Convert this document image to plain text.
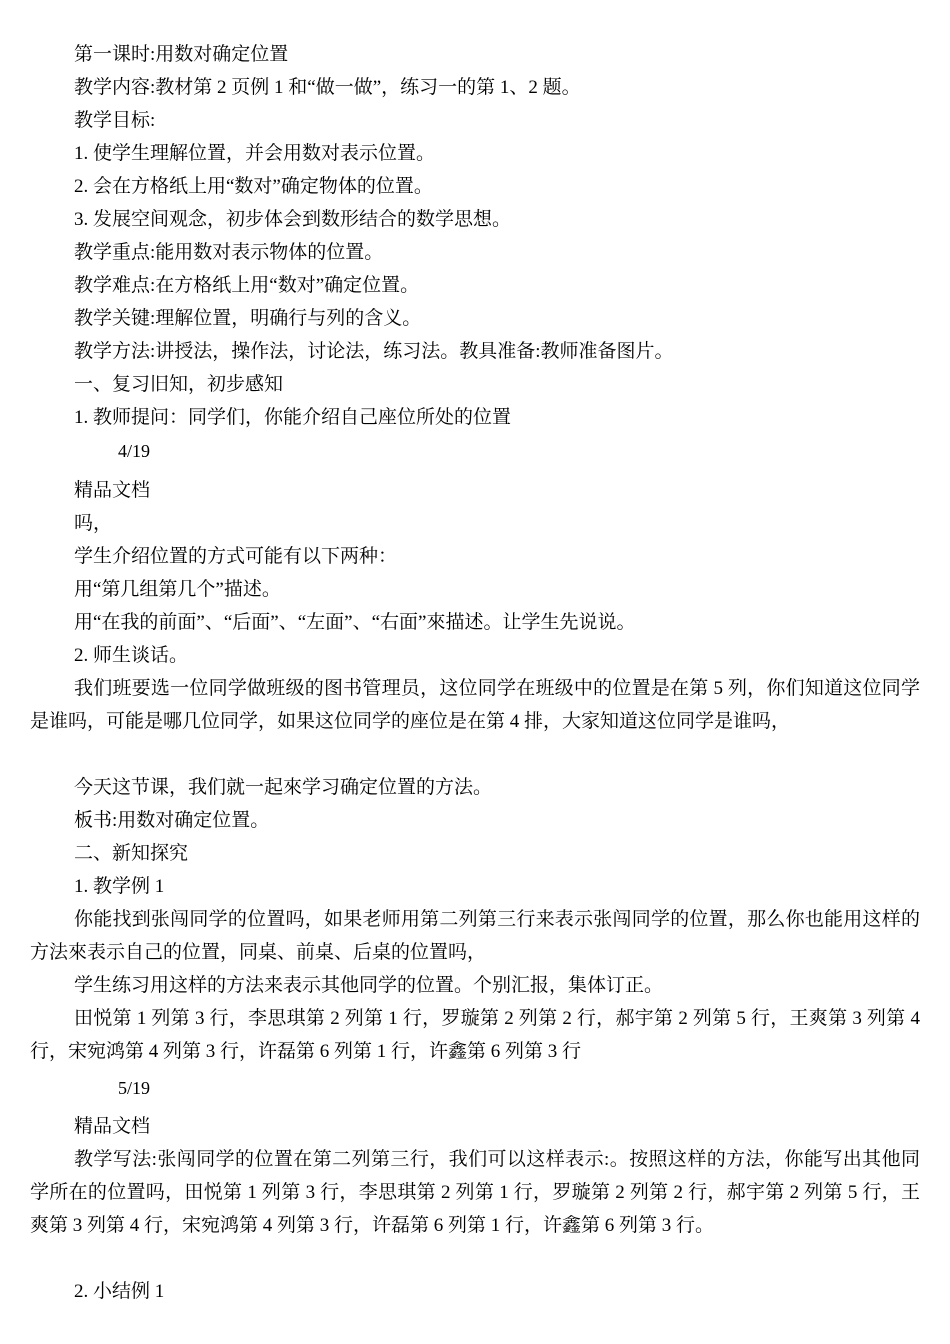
第一课时:用数对确定位置

教学内容:教材第 2 页例 1 和“做一做”，练习一的第 1、2 题。

教学目标:

1. 使学生理解位置，并会用数对表示位置。

2. 会在方格纸上用“数对”确定物体的位置。

3. 发展空间观念，初步体会到数形结合的数学思想。

教学重点:能用数对表示物体的位置。

教学难点:在方格纸上用“数对”确定位置。

教学关键:理解位置，明确行与列的含义。

教学方法:讲授法，操作法，讨论法，练习法。教具准备:教师准备图片。

一、复习旧知，初步感知

1. 教师提问：同学们，你能介绍自己座位所处的位置

4/19

精品文档

吗，

学生介绍位置的方式可能有以下两种：

用“第几组第几个”描述。

用“在我的前面”、“后面”、“左面”、“右面”來描述。让学生先说说。

2. 师生谈话。

我们班要选一位同学做班级的图书管理员，这位同学在班级中的位置是在第 5 列，你们知道这位同学是谁吗，可能是哪几位同学，如果这位同学的座位是在第 4 排，大家知道这位同学是谁吗，

今天这节课，我们就一起來学习确定位置的方法。

板书:用数对确定位置。

二、新知探究

1. 教学例 1

你能找到张闯同学的位置吗，如果老师用第二列第三行来表示张闯同学的位置，那么你也能用这样的方法來表示自己的位置，同桌、前桌、后桌的位置吗，

学生练习用这样的方法来表示其他同学的位置。个别汇报，集体订正。

田悦第 1 列第 3 行，李思琪第 2 列第 1 行，罗璇第 2 列第 2 行，郝宇第 2 列第 5 行，王爽第 3 列第 4 行，宋宛鸿第 4 列第 3 行，许磊第 6 列第 1 行，许鑫第 6 列第 3 行

5/19

精品文档

教学写法:张闯同学的位置在第二列第三行，我们可以这样表示:。按照这样的方法，你能写出其他同学所在的位置吗，田悦第 1 列第 3 行，李思琪第 2 列第 1 行，罗璇第 2 列第 2 行，郝宇第 2 列第 5 行，王爽第 3 列第 4 行，宋宛鸿第 4 列第 3 行，许磊第 6 列第 1 行，许鑫第 6 列第 3 行。

2. 小结例 1
